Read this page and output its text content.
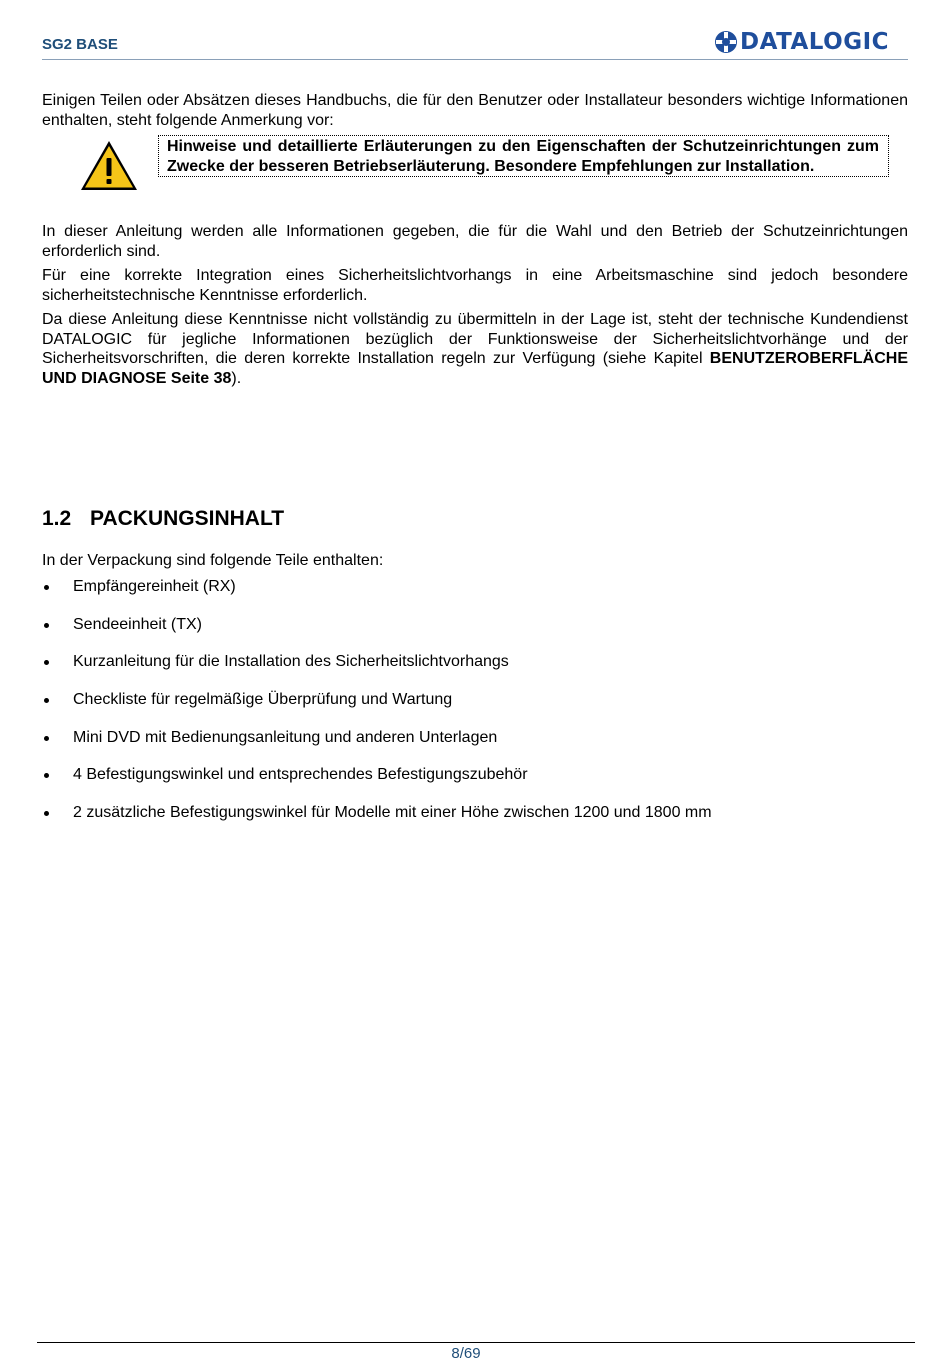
SG2 BASE	DATALOGIC

Einigen Teilen oder Absätzen dieses Handbuchs, die für den Benutzer oder Installateur besonders wichtige Informationen enthalten, steht folgende Anmerkung vor:

Hinweise und detaillierte Erläuterungen zu den Eigenschaften der Schutzeinrichtungen zum Zwecke der besseren Betriebserläuterung. Besondere Empfehlungen zur Installation.

In dieser Anleitung werden alle Informationen gegeben, die für die Wahl und den Betrieb der Schutzeinrichtungen erforderlich sind.

Für eine korrekte Integration eines Sicherheitslichtvorhangs in eine Arbeitsmaschine sind jedoch besondere sicherheitstechnische Kenntnisse erforderlich.

Da diese Anleitung diese Kenntnisse nicht vollständig zu übermitteln in der Lage ist, steht der technische Kundendienst DATALOGIC für jegliche Informationen bezüglich der Funktionsweise der Sicherheitslichtvorhänge und der Sicherheitsvorschriften, die deren korrekte Installation regeln zur Verfügung (siehe Kapitel BENUTZEROBERFLÄCHE UND DIAGNOSE Seite 38).

1.2 PACKUNGSINHALT

In der Verpackung sind folgende Teile enthalten:

Empfängereinheit (RX)
Sendeeinheit (TX)
Kurzanleitung für die Installation des Sicherheitslichtvorhangs
Checkliste für regelmäßige Überprüfung und Wartung
Mini DVD mit Bedienungsanleitung und anderen Unterlagen
4 Befestigungswinkel und entsprechendes Befestigungszubehör
2 zusätzliche Befestigungswinkel für Modelle mit einer Höhe zwischen 1200 und 1800 mm
8/69
